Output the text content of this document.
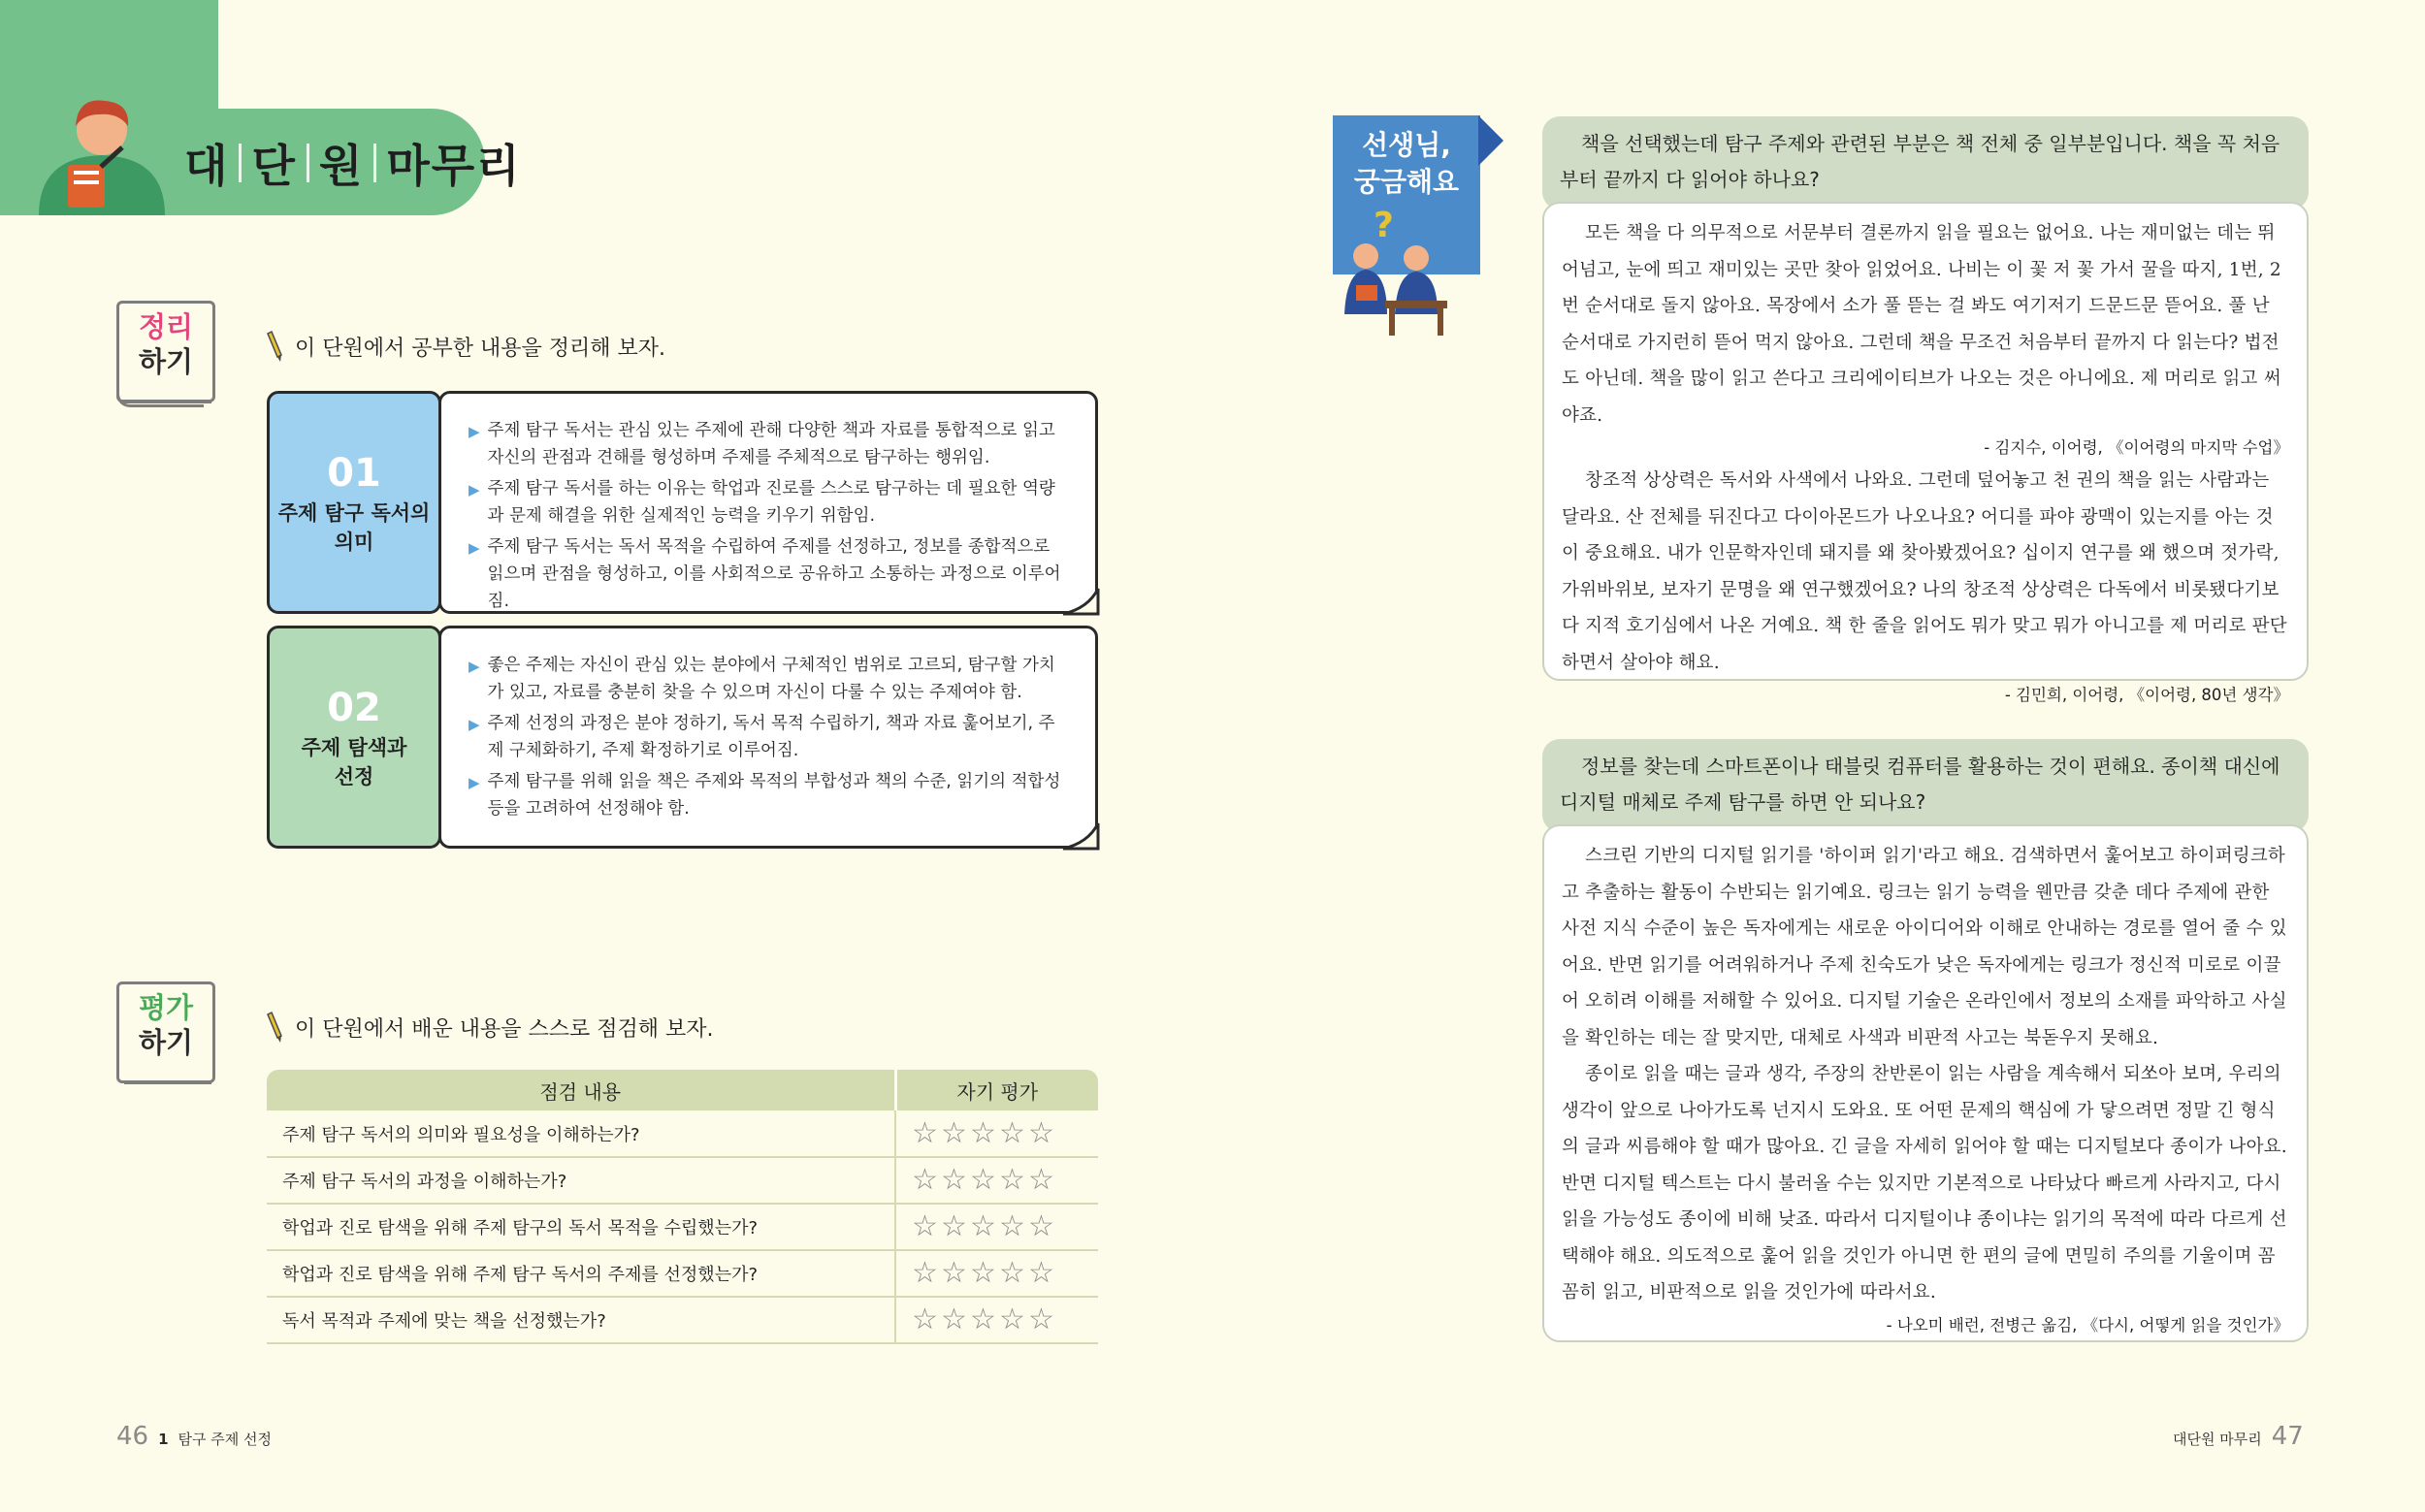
대 단 원 마무리
정리
하기	이 단원에서 공부한 내용을 정리해 보자.
01
주제 탐구 독서의
의미
▶ 주제 탐구 독서는 관심 있는 주제에 관해 다양한 책과 자료를 통합적으로 읽고 자신의 관점과 견해를 형성하며 주제를 주체적으로 탐구하는 행위임.
▶ 주제 탐구 독서를 하는 이유는 학업과 진로를 스스로 탐구하는 데 필요한 역량과 문제 해결을 위한 실제적인 능력을 키우기 위함임.
▶ 주제 탐구 독서는 독서 목적을 수립하여 주제를 선정하고, 정보를 종합적으로 읽으며 관점을 형성하고, 이를 사회적으로 공유하고 소통하는 과정으로 이루어짐.
02
주제 탐색과
선정
▶ 좋은 주제는 자신이 관심 있는 분야에서 구체적인 범위로 고르되, 탐구할 가치가 있고, 자료를 충분히 찾을 수 있으며 자신이 다룰 수 있는 주제여야 함.
▶ 주제 선정의 과정은 분야 정하기, 독서 목적 수립하기, 책과 자료 훑어보기, 주제 구체화하기, 주제 확정하기로 이루어짐.
▶ 주제 탐구를 위해 읽을 책은 주제와 목적의 부합성과 책의 수준, 읽기의 적합성 등을 고려하여 선정해야 함.
평가
하기	이 단원에서 배운 내용을 스스로 점검해 보자.
점검 내용	자기 평가
주제 탐구 독서의 의미와 필요성을 이해하는가?	☆ ☆ ☆ ☆ ☆
주제 탐구 독서의 과정을 이해하는가?	☆ ☆ ☆ ☆ ☆
학업과 진로 탐색을 위해 주제 탐구의 독서 목적을 수립했는가?	☆ ☆ ☆ ☆ ☆
학업과 진로 탐색을 위해 주제 탐구 독서의 주제를 선정했는가?	☆ ☆ ☆ ☆ ☆
독서 목적과 주제에 맞는 책을 선정했는가?	☆ ☆ ☆ ☆ ☆
선생님,
궁금해요
?
책을 선택했는데 탐구 주제와 관련된 부분은 책 전체 중 일부분입니다. 책을 꼭 처음부터 끝까지 다 읽어야 하나요?

모든 책을 다 의무적으로 서문부터 결론까지 읽을 필요는 없어요. 나는 재미없는 데는 뛰어넘고, 눈에 띄고 재미있는 곳만 찾아 읽었어요. 나비는 이 꽃 저 꽃 가서 꿀을 따지, 1번, 2번 순서대로 돌지 않아요. 목장에서 소가 풀 뜯는 걸 봐도 여기저기 드문드문 뜯어요. 풀 난 순서대로 가지런히 뜯어 먹지 않아요. 그런데 책을 무조건 처음부터 끝까지 다 읽는다? 법전도 아닌데. 책을 많이 읽고 쓴다고 크리에이티브가 나오는 것은 아니에요. 제 머리로 읽고 써야죠.

- 김지수, 이어령, 《이어령의 마지막 수업》

창조적 상상력은 독서와 사색에서 나와요. 그런데 덮어놓고 천 권의 책을 읽는 사람과는 달라요. 산 전체를 뒤진다고 다이아몬드가 나오나요? 어디를 파야 광맥이 있는지를 아는 것이 중요해요. 내가 인문학자인데 돼지를 왜 찾아봤겠어요? 십이지 연구를 왜 했으며 젓가락, 가위바위보, 보자기 문명을 왜 연구했겠어요? 나의 창조적 상상력은 다독에서 비롯됐다기보다 지적 호기심에서 나온 거예요. 책 한 줄을 읽어도 뭐가 맞고 뭐가 아니고를 제 머리로 판단하면서 살아야 해요.

- 김민희, 이어령, 《이어령, 80년 생각》
정보를 찾는데 스마트폰이나 태블릿 컴퓨터를 활용하는 것이 편해요. 종이책 대신에 디지털 매체로 주제 탐구를 하면 안 되나요?

스크린 기반의 디지털 읽기를 '하이퍼 읽기'라고 해요. 검색하면서 훑어보고 하이퍼링크하고 추출하는 활동이 수반되는 읽기예요. 링크는 읽기 능력을 웬만큼 갖춘 데다 주제에 관한 사전 지식 수준이 높은 독자에게는 새로운 아이디어와 이해로 안내하는 경로를 열어 줄 수 있어요. 반면 읽기를 어려워하거나 주제 친숙도가 낮은 독자에게는 링크가 정신적 미로로 이끌어 오히려 이해를 저해할 수 있어요. 디지털 기술은 온라인에서 정보의 소재를 파악하고 사실을 확인하는 데는 잘 맞지만, 대체로 사색과 비판적 사고는 북돋우지 못해요.

종이로 읽을 때는 글과 생각, 주장의 찬반론이 읽는 사람을 계속해서 되쏘아 보며, 우리의 생각이 앞으로 나아가도록 넌지시 도와요. 또 어떤 문제의 핵심에 가 닿으려면 정말 긴 형식의 글과 씨름해야 할 때가 많아요. 긴 글을 자세히 읽어야 할 때는 디지털보다 종이가 나아요. 반면 디지털 텍스트는 다시 불러올 수는 있지만 기본적으로 나타났다 빠르게 사라지고, 다시 읽을 가능성도 종이에 비해 낮죠. 따라서 디지털이냐 종이냐는 읽기의 목적에 따라 다르게 선택해야 해요. 의도적으로 훑어 읽을 것인가 아니면 한 편의 글에 면밀히 주의를 기울이며 꼼꼼히 읽고, 비판적으로 읽을 것인가에 따라서요.

- 나오미 배런, 전병근 옮김, 《다시, 어떻게 읽을 것인가》
46 1 탐구 주제 선정	대단원 마무리 47
